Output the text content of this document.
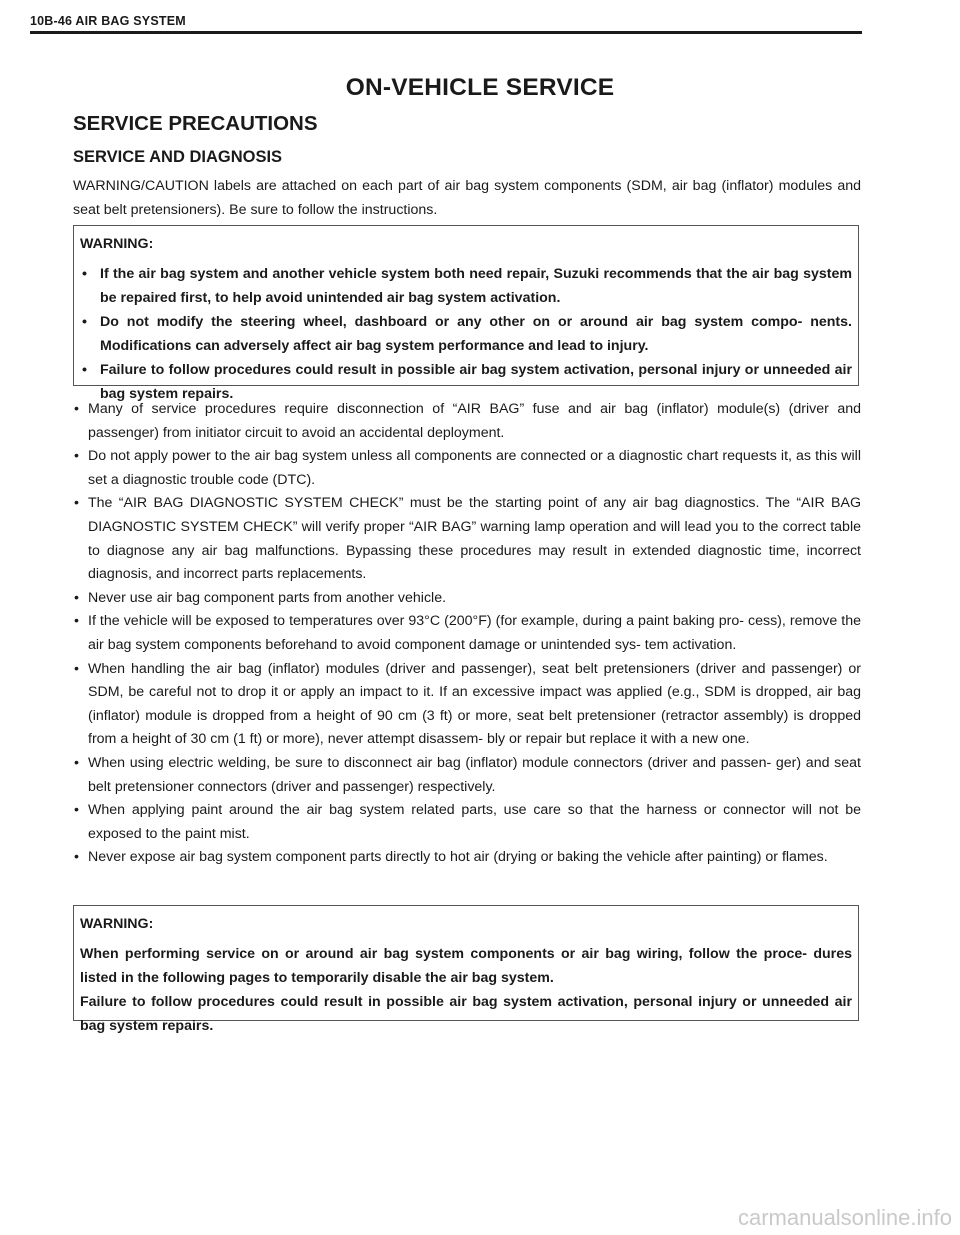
10B-46 AIR BAG SYSTEM
ON-VEHICLE SERVICE
SERVICE PRECAUTIONS
SERVICE AND DIAGNOSIS
WARNING/CAUTION labels are attached on each part of air bag system components (SDM, air bag (inflator) modules and seat belt pretensioners). Be sure to follow the instructions.

WARNING:

• If the air bag system and another vehicle system both need repair, Suzuki recommends that the air bag system be repaired first, to help avoid unintended air bag system activation.
• Do not modify the steering wheel, dashboard or any other on or around air bag system compo- nents. Modifications can adversely affect air bag system performance and lead to injury.
• Failure to follow procedures could result in possible air bag system activation, personal injury or unneeded air bag system repairs.
• Many of service procedures require disconnection of “AIR BAG” fuse and air bag (inflator) module(s) (driver and passenger) from initiator circuit to avoid an accidental deployment.
• Do not apply power to the air bag system unless all components are connected or a diagnostic chart requests it, as this will set a diagnostic trouble code (DTC).
• The “AIR BAG DIAGNOSTIC SYSTEM CHECK” must be the starting point of any air bag diagnostics. The “AIR BAG DIAGNOSTIC SYSTEM CHECK” will verify proper “AIR BAG” warning lamp operation and will lead you to the correct table to diagnose any air bag malfunctions. Bypassing these procedures may result in extended diagnostic time, incorrect diagnosis, and incorrect parts replacements.
• Never use air bag component parts from another vehicle.
• If the vehicle will be exposed to temperatures over 93°C (200°F) (for example, during a paint baking pro- cess), remove the air bag system components beforehand to avoid component damage or unintended sys- tem activation.
• When handling the air bag (inflator) modules (driver and passenger), seat belt pretensioners (driver and passenger) or SDM, be careful not to drop it or apply an impact to it. If an excessive impact was applied (e.g., SDM is dropped, air bag (inflator) module is dropped from a height of 90 cm (3 ft) or more, seat belt pretensioner (retractor assembly) is dropped from a height of 30 cm (1 ft) or more), never attempt disassem- bly or repair but replace it with a new one.
• When using electric welding, be sure to disconnect air bag (inflator) module connectors (driver and passen- ger) and seat belt pretensioner connectors (driver and passenger) respectively.
• When applying paint around the air bag system related parts, use care so that the harness or connector will not be exposed to the paint mist.
• Never expose air bag system component parts directly to hot air (drying or baking the vehicle after painting) or flames.

WARNING:

When performing service on or around air bag system components or air bag wiring, follow the proce- dures listed in the following pages to temporarily disable the air bag system.

Failure to follow procedures could result in possible air bag system activation, personal injury or unneeded air bag system repairs.

carmanualsonline.info
